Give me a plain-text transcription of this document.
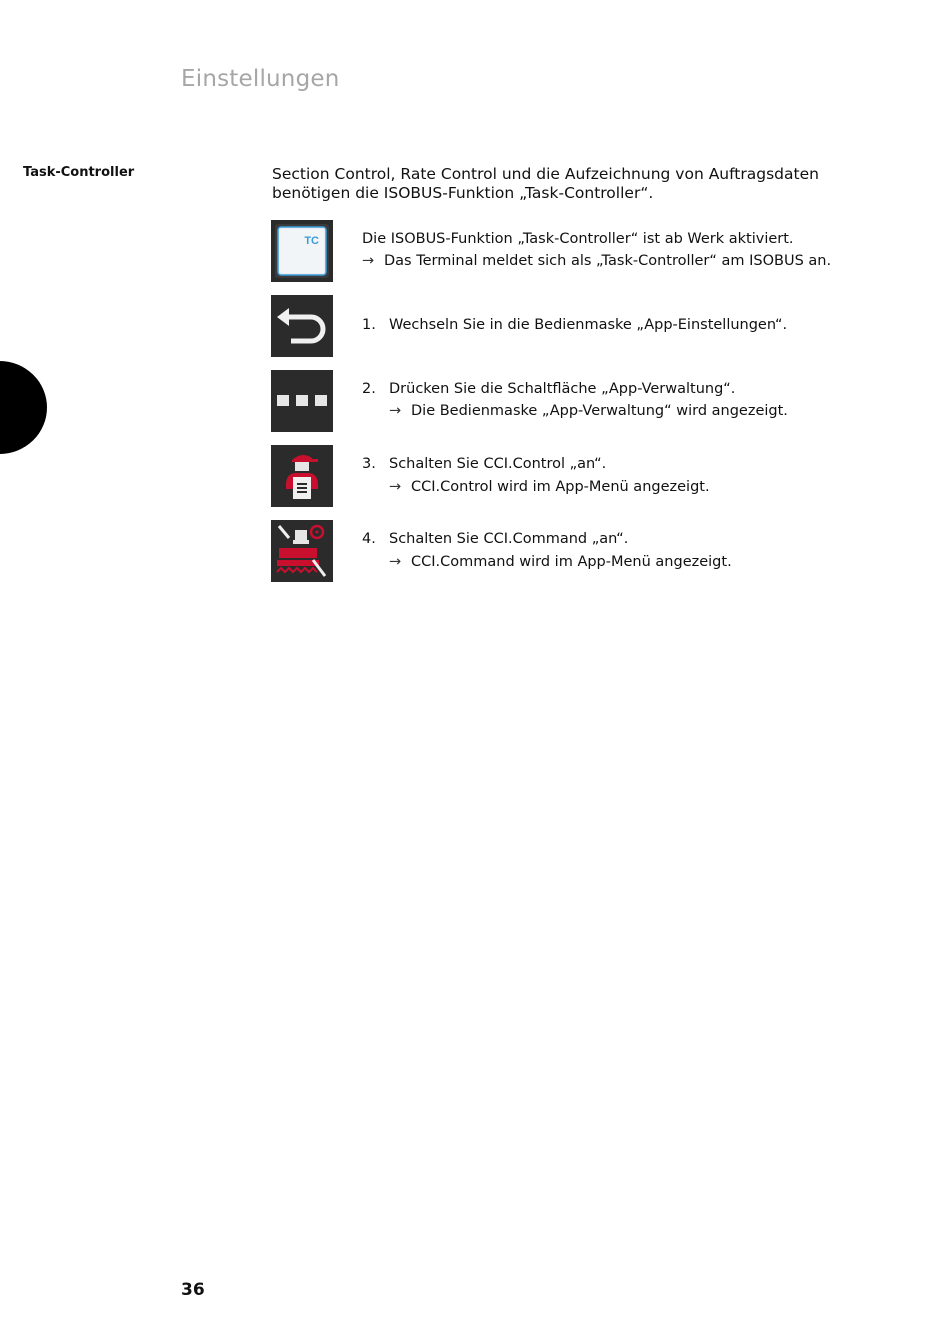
Einstellungen
Task-Controller	Section Control, Rate Control und die Aufzeichnung von Auftragsdaten
benötigen die ISOBUS-Funktion „Task-Controller“.
TC	Die ISOBUS-Funktion „Task-Controller“ ist ab Werk aktiviert.
→ Das Terminal meldet sich als „Task-Controller“ am ISOBUS an.
1. Wechseln Sie in die Bedienmaske „App-Einstellungen“.
2. Drücken Sie die Schaltfläche „App-Verwaltung“.
→ Die Bedienmaske „App-Verwaltung“ wird angezeigt.
3. Schalten Sie CCI.Control „an“.
→ CCI.Control wird im App-Menü angezeigt.
4. Schalten Sie CCI.Command „an“.
→ CCI.Command wird im App-Menü angezeigt.
36
